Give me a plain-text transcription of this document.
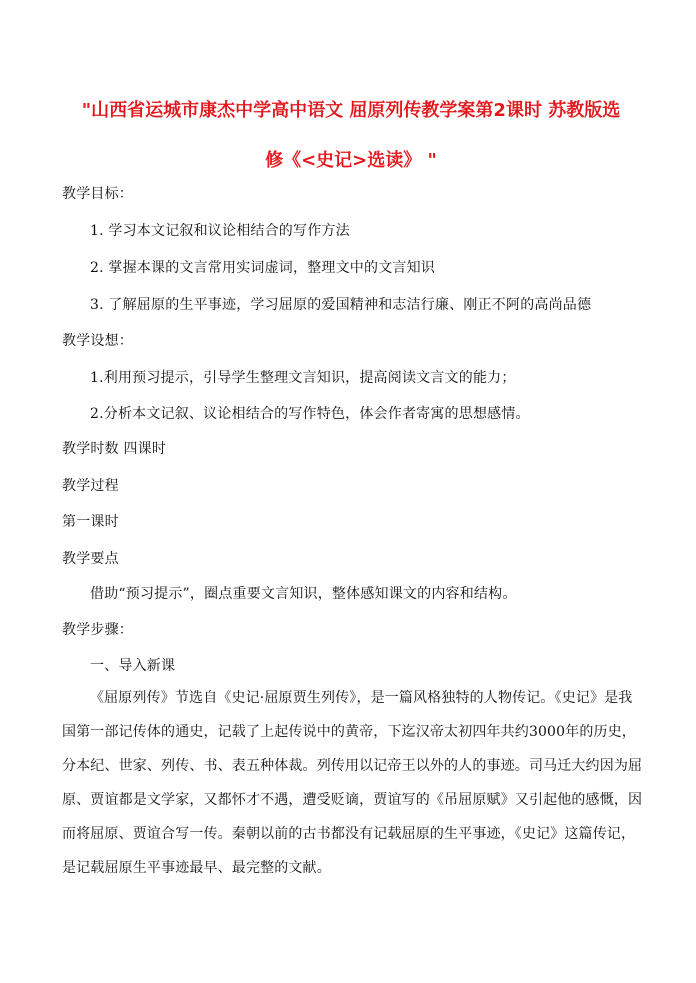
"山西省运城市康杰中学高中语文 屈原列传教学案第2课时 苏教版选
修《<史记>选读》 "
教学目标：
1. 学习本文记叙和议论相结合的写作方法
2. 掌握本课的文言常用实词虚词，整理文中的文言知识
3. 了解屈原的生平事迹，学习屈原的爱国精神和志洁行廉、刚正不阿的高尚品德
教学设想：
1.利用预习提示，引导学生整理文言知识，提高阅读文言文的能力；
2.分析本文记叙、议论相结合的写作特色，体会作者寄寓的思想感情。
教学时数 四课时
教学过程
第一课时
教学要点
借助“预习提示”，圈点重要文言知识，整体感知课文的内容和结构。
教学步骤：
一、导入新课
《屈原列传》节选自《史记·屈原贾生列传》，是一篇风格独特的人物传记。《史记》是我
国第一部记传体的通史，记载了上起传说中的黄帝，下迄汉帝太初四年共约3000年的历史，
分本纪、世家、列传、书、表五种体裁。列传用以记帝王以外的人的事迹。司马迁大约因为屈
原、贾谊都是文学家，又都怀才不遇，遭受贬谪，贾谊写的《吊屈原赋》又引起他的感慨，因
而将屈原、贾谊合写一传。秦朝以前的古书都没有记载屈原的生平事迹，《史记》这篇传记，
是记载屈原生平事迹最早、最完整的文献。
